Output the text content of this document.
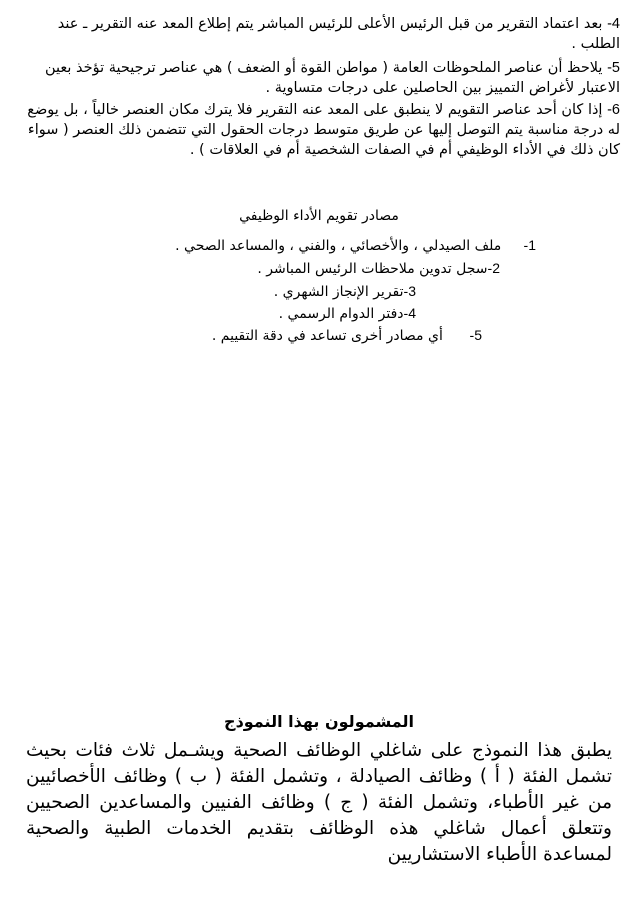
4- بعد اعتماد التقرير من قبل الرئيس الأعلى للرئيس المباشر يتم إطلاع المعد عنه التقرير ـ عند الطلب .
5- يلاحظ أن عناصر الملحوظات العامة ( مواطن القوة أو الضعف ) هي عناصر ترجيحية تؤخذ بعين الاعتبار لأغراض التمييز بين الحاصلين على درجات متساوية .
6- إذا كان أحد عناصر التقويم لا ينطبق على المعد عنه التقرير فلا يترك مكان العنصر خالياً ، بل يوضع له درجة مناسبة يتم التوصل إليها عن طريق متوسط درجات الحقول التي تتضمن ذلك العنصر ( سواء كان ذلك في الأداء الوظيفي أم في الصفات الشخصية أم في العلاقات ) .
مصادر تقويم الأداء الوظيفي
1-     ملف الصيدلي ، والأخصائي ، والفني ، والمساعد الصحي .
2-سجل تدوين ملاحظات الرئيس المباشر .
3-تقرير الإنجاز الشهري .
4-دفتر الدوام الرسمي .
5-      أي مصادر أخرى تساعد في دقة التقييم .
المشمولون بهذا النموذج
يطبق هذا النموذج على شاغلي الوظائف الصحية ويشـمل ثلاث فئات بحيث تشمل الفئة ( أ ) وظائف الصيادلة ، وتشمل الفئة ( ب ) وظائف الأخصائيين من غير الأطباء، وتشمل الفئة ( ج ) وظائف الفنيين والمساعدين الصحيين وتتعلق أعمال شاغلي هذه الوظائف بتقديم الخدمات الطبية والصحية لمساعدة الأطباء الاستشاريين
